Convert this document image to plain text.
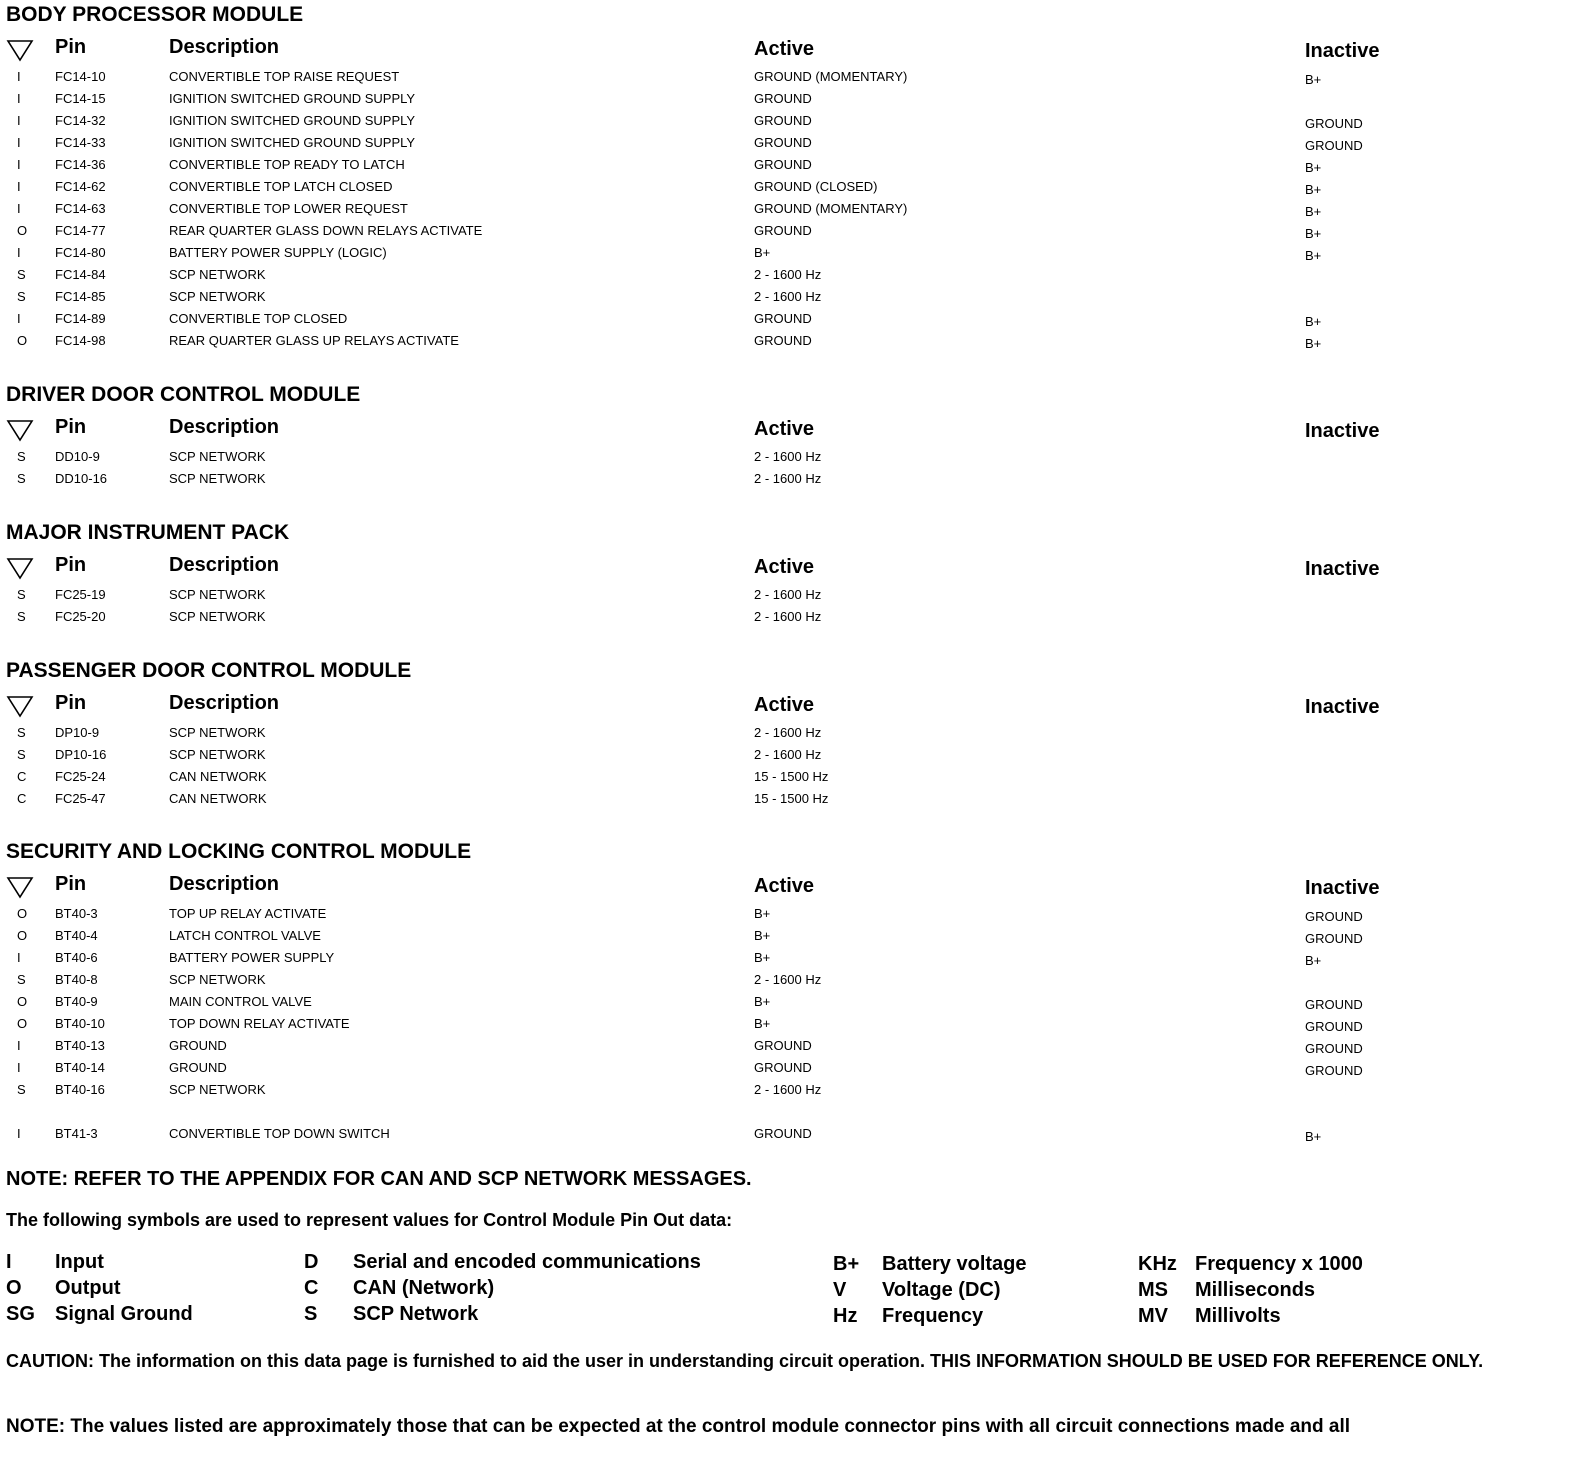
BODY PROCESSOR MODULE
Pin	Description	Active	Inactive
I	FC14-10	CONVERTIBLE TOP RAISE REQUEST	GROUND (MOMENTARY)	B+
I	FC14-15	IGNITION SWITCHED GROUND SUPPLY	GROUND
I	FC14-32	IGNITION SWITCHED GROUND SUPPLY	GROUND	GROUND
I	FC14-33	IGNITION SWITCHED GROUND SUPPLY	GROUND	GROUND
I	FC14-36	CONVERTIBLE TOP READY TO LATCH	GROUND	B+
I	FC14-62	CONVERTIBLE TOP LATCH CLOSED	GROUND (CLOSED)	B+
I	FC14-63	CONVERTIBLE TOP LOWER REQUEST	GROUND (MOMENTARY)	B+
O FC14-77	REAR QUARTER GLASS DOWN RELAYS ACTIVATE	GROUND	B+
I	FC14-80	BATTERY POWER SUPPLY (LOGIC)	B+	B+
S FC14-84	SCP NETWORK	2 - 1600 Hz
S FC14-85	SCP NETWORK	2 - 1600 Hz
I	FC14-89	CONVERTIBLE TOP CLOSED	GROUND	B+
O FC14-98	REAR QUARTER GLASS UP RELAYS ACTIVATE	GROUND	B+
DRIVER DOOR CONTROL MODULE
Pin	Description	Active	Inactive
S DD10-9	SCP NETWORK	2 - 1600 Hz
S DD10-16	SCP NETWORK	2 - 1600 Hz
MAJOR INSTRUMENT PACK
Pin	Description	Active	Inactive
S FC25-19	SCP NETWORK	2 - 1600 Hz
S FC25-20	SCP NETWORK	2 - 1600 Hz
PASSENGER DOOR CONTROL MODULE
Pin	Description	Active	Inactive
S DP10-9	SCP NETWORK	2 - 1600 Hz
S DP10-16	SCP NETWORK	2 - 1600 Hz
C FC25-24	CAN NETWORK	15 - 1500 Hz
C FC25-47	CAN NETWORK	15 - 1500 Hz
SECURITY AND LOCKING CONTROL MODULE
Pin	Description	Active	Inactive
O BT40-3	TOP UP RELAY ACTIVATE	B+	GROUND
O BT40-4	LATCH CONTROL VALVE	B+	GROUND
I	BT40-6	BATTERY POWER SUPPLY	B+	B+
S BT40-8	SCP NETWORK	2 - 1600 Hz
O BT40-9	MAIN CONTROL VALVE	B+	GROUND
O BT40-10	TOP DOWN RELAY ACTIVATE	B+	GROUND
I	BT40-13	GROUND	GROUND	GROUND
I	BT40-14	GROUND	GROUND	GROUND
S BT40-16	SCP NETWORK	2 - 1600 Hz
I	BT41-3	CONVERTIBLE TOP DOWN SWITCH	GROUND	B+
NOTE: REFER TO THE APPENDIX FOR CAN AND SCP NETWORK MESSAGES.
The following symbols are used to represent values for Control Module Pin Out data:
I Input
O Output
SG Signal Ground
D Serial and encoded communications
C CAN (Network)
S SCP Network
B+ Battery voltage
V Voltage (DC)
Hz Frequency
KHz Frequency x 1000
MS Milliseconds
MV Millivolts
CAUTION: The information on this data page is furnished to aid the user in understanding circuit operation. THIS INFORMATION SHOULD BE USED FOR REFERENCE ONLY.
NOTE: The values listed are approximately those that can be expected at the control module connector pins with all circuit connections made and all
